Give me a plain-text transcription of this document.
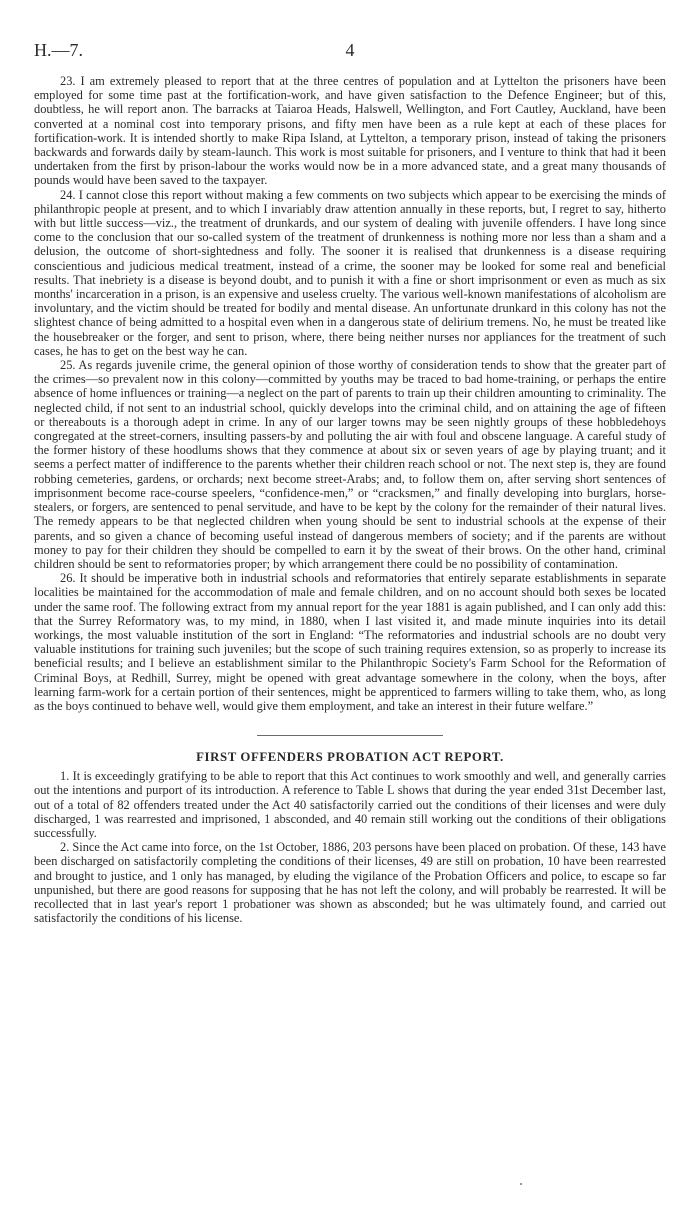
H.—7.	4

23. I am extremely pleased to report that at the three centres of population and at Lyttelton the prisoners have been employed for some time past at the fortification-work, and have given satisfaction to the Defence Engineer; but of this, doubtless, he will report anon. The barracks at Taiaroa Heads, Halswell, Wellington, and Fort Cautley, Auckland, have been converted at a nominal cost into temporary prisons, and fifty men have been as a rule kept at each of these places for fortification-work. It is intended shortly to make Ripa Island, at Lyttelton, a temporary prison, instead of taking the prisoners backwards and forwards daily by steam-launch. This work is most suitable for prisoners, and I venture to think that had it been undertaken from the first by prison-labour the works would now be in a more advanced state, and a great many thousands of pounds would have been saved to the taxpayer.

24. I cannot close this report without making a few comments on two subjects which appear to be exercising the minds of philanthropic people at present, and to which I invariably draw attention annually in these reports, but, I regret to say, hitherto with but little success—viz., the treatment of drunkards, and our system of dealing with juvenile offenders. I have long since come to the conclusion that our so-called system of the treatment of drunkenness is nothing more nor less than a sham and a delusion, the outcome of short-sightedness and folly. The sooner it is realised that drunkenness is a disease requiring conscientious and judicious medical treatment, instead of a crime, the sooner may be looked for some real and beneficial results. That inebriety is a disease is beyond doubt, and to punish it with a fine or short imprisonment or even as much as six months' incarceration in a prison, is an expensive and useless cruelty. The various well-known manifestations of alcoholism are involuntary, and the victim should be treated for bodily and mental disease. An unfortunate drunkard in this colony has not the slightest chance of being admitted to a hospital even when in a dangerous state of delirium tremens. No, he must be treated like the housebreaker or the forger, and sent to prison, where, there being neither nurses nor appliances for the treatment of such cases, he has to get on the best way he can.

25. As regards juvenile crime, the general opinion of those worthy of consideration tends to show that the greater part of the crimes—so prevalent now in this colony—committed by youths may be traced to bad home-training, or perhaps the entire absence of home influences or training—a neglect on the part of parents to train up their children amounting to criminality. The neglected child, if not sent to an industrial school, quickly develops into the criminal child, and on attaining the age of fifteen or thereabouts is a thorough adept in crime. In any of our larger towns may be seen nightly groups of these hobbledehoys congregated at the street-corners, insulting passers-by and polluting the air with foul and obscene language. A careful study of the former history of these hoodlums shows that they commence at about six or seven years of age by playing truant; and it seems a perfect matter of indifference to the parents whether their children reach school or not. The next step is, they are found robbing cemeteries, gardens, or orchards; next become street-Arabs; and, to follow them on, after serving short sentences of imprisonment become race-course speelers, “confidence-men,” or “cracksmen,” and finally developing into burglars, horse-stealers, or forgers, are sentenced to penal servitude, and have to be kept by the colony for the remainder of their natural lives. The remedy appears to be that neglected children when young should be sent to industrial schools at the expense of their parents, and so given a chance of becoming useful instead of dangerous members of society; and if the parents are without money to pay for their children they should be compelled to earn it by the sweat of their brows. On the other hand, criminal children should be sent to reformatories proper; by which arrangement there could be no possibility of contamination.

26. It should be imperative both in industrial schools and reformatories that entirely separate establishments in separate localities be maintained for the accommodation of male and female children, and on no account should both sexes be located under the same roof. The following extract from my annual report for the year 1881 is again published, and I can only add this: that the Surrey Reformatory was, to my mind, in 1880, when I last visited it, and made minute inquiries into its detail workings, the most valuable institution of the sort in England: “The reformatories and industrial schools are no doubt very valuable institutions for training such juveniles; but the scope of such training requires extension, so as properly to increase its beneficial results; and I believe an establishment similar to the Philanthropic Society's Farm School for the Reformation of Criminal Boys, at Redhill, Surrey, might be opened with great advantage somewhere in the colony, when the boys, after learning farm-work for a certain portion of their sentences, might be apprenticed to farmers willing to take them, who, as long as the boys continued to behave well, would give them employment, and take an interest in their future welfare.”

FIRST OFFENDERS PROBATION ACT REPORT.

1. It is exceedingly gratifying to be able to report that this Act continues to work smoothly and well, and generally carries out the intentions and purport of its introduction. A reference to Table L shows that during the year ended 31st December last, out of a total of 82 offenders treated under the Act 40 satisfactorily carried out the conditions of their licenses and were duly discharged, 1 was rearrested and imprisoned, 1 absconded, and 40 remain still working out the conditions of their obligations successfully.

2. Since the Act came into force, on the 1st October, 1886, 203 persons have been placed on probation. Of these, 143 have been discharged on satisfactorily completing the conditions of their licenses, 49 are still on probation, 10 have been rearrested and brought to justice, and 1 only has managed, by eluding the vigilance of the Probation Officers and police, to escape so far unpunished, but there are good reasons for supposing that he has not left the colony, and will probably be rearrested. It will be recollected that in last year's report 1 probationer was shown as absconded; but he was ultimately found, and carried out satisfactorily the conditions of his license.
